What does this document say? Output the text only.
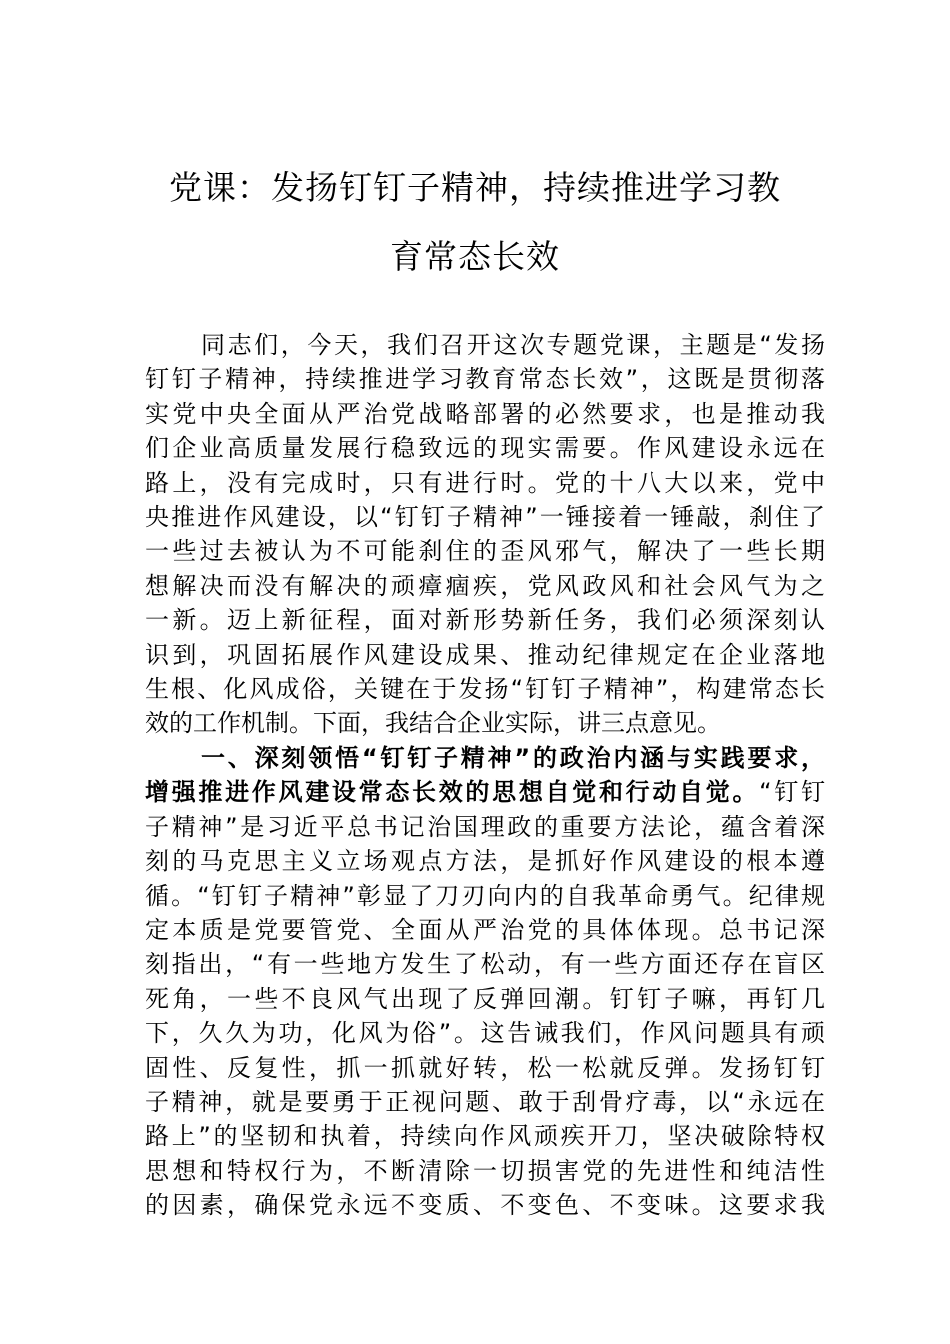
党课：发扬钉钉子精神，持续推进学习教
育常态长效
同志们，今天，我们召开这次专题党课，主题是“发扬
钉钉子精神，持续推进学习教育常态长效”，这既是贯彻落
实党中央全面从严治党战略部署的必然要求，也是推动我
们企业高质量发展行稳致远的现实需要。作风建设永远在
路上，没有完成时，只有进行时。党的十八大以来，党中
央推进作风建设，以“钉钉子精神”一锤接着一锤敲，刹住了
一些过去被认为不可能刹住的歪风邪气，解决了一些长期
想解决而没有解决的顽瘴痼疾，党风政风和社会风气为之
一新。迈上新征程，面对新形势新任务，我们必须深刻认
识到，巩固拓展作风建设成果、推动纪律规定在企业落地
生根、化风成俗，关键在于发扬“钉钉子精神”，构建常态长
效的工作机制。下面，我结合企业实际，讲三点意见。
一、深刻领悟“钉钉子精神”的政治内涵与实践要求，
增强推进作风建设常态长效的思想自觉和行动自觉。“钉钉
子精神”是习近平总书记治国理政的重要方法论，蕴含着深
刻的马克思主义立场观点方法，是抓好作风建设的根本遵
循。“钉钉子精神”彰显了刀刃向内的自我革命勇气。纪律规
定本质是党要管党、全面从严治党的具体体现。总书记深
刻指出，“有一些地方发生了松动，有一些方面还存在盲区
死角，一些不良风气出现了反弹回潮。钉钉子嘛，再钉几
下，久久为功，化风为俗”。这告诫我们，作风问题具有顽
固性、反复性，抓一抓就好转，松一松就反弹。发扬钉钉
子精神，就是要勇于正视问题、敢于刮骨疗毒，以“永远在
路上”的坚韧和执着，持续向作风顽疾开刀，坚决破除特权
思想和特权行为，不断清除一切损害党的先进性和纯洁性
的因素，确保党永远不变质、不变色、不变味。这要求我
